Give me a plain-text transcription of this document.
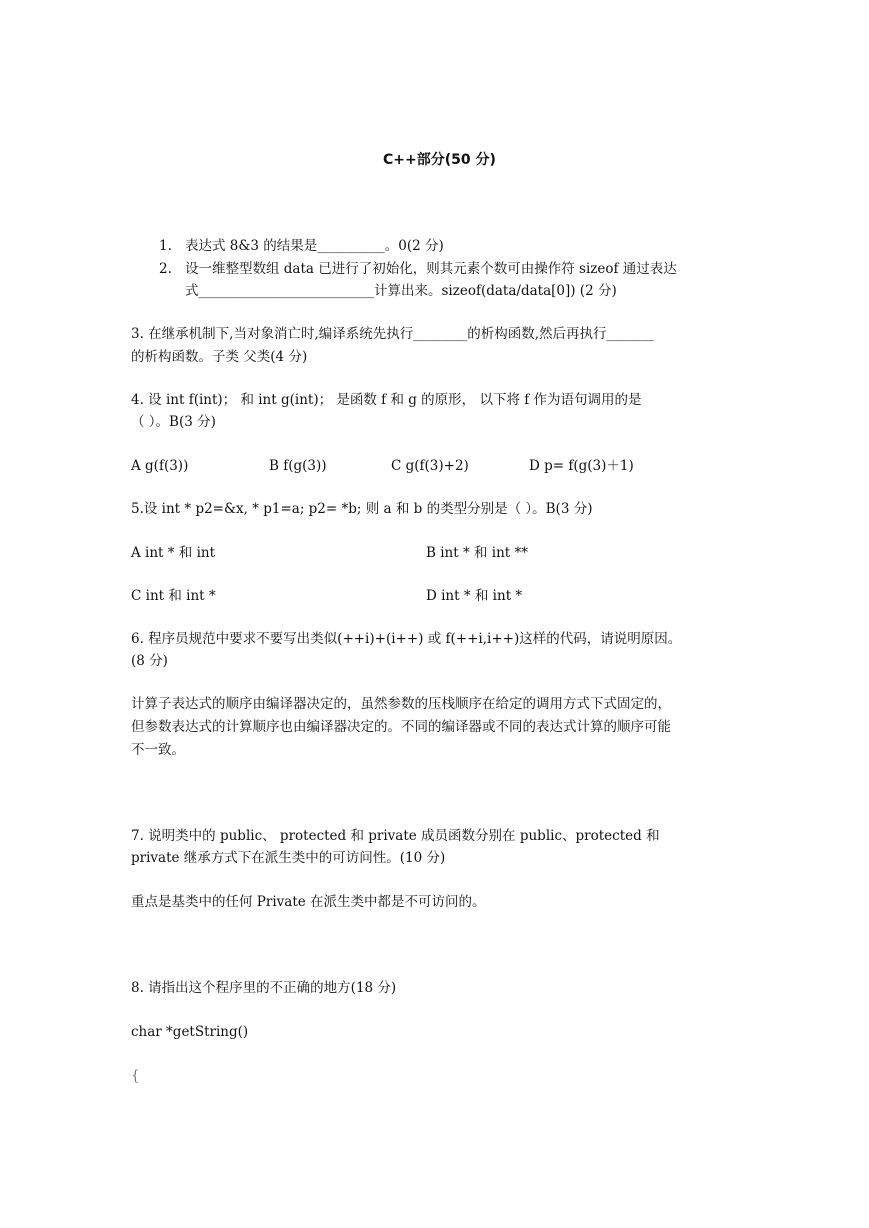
C++部分(50 分)
1. 表达式 8&3 的结果是__________。0(2 分)
2. 设一维整型数组 data 已进行了初始化，则其元素个数可由操作符 sizeof 通过表达
式__________________________计算出来。sizeof(data/data[0]) (2 分)
3. 在继承机制下,当对象消亡时,编译系统先执行________的析构函数,然后再执行_______
的析构函数。子类 父类(4 分)
4. 设 int f(int)； 和 int g(int)； 是函数 f 和 g 的原形， 以下将 f 作为语句调用的是
（ ）。B(3 分)
A g(f(3))	B f(g(3))	C g(f(3)+2)	D p= f(g(3)＋1)
5.设 int * p2=&x, * p1=a; p2= *b; 则 a 和 b 的类型分别是（ ）。B(3 分)
A int * 和 int	B int * 和 int **
C int 和 int *	D int * 和 int *
6. 程序员规范中要求不要写出类似(++i)+(i++) 或 f(++i,i++)这样的代码，请说明原因。
(8 分)
计算子表达式的顺序由编译器决定的，虽然参数的压栈顺序在给定的调用方式下式固定的，
但参数表达式的计算顺序也由编译器决定的。不同的编译器或不同的表达式计算的顺序可能
不一致。
7. 说明类中的 public、 protected 和 private 成员函数分别在 public、protected 和
private 继承方式下在派生类中的可访问性。(10 分)
重点是基类中的任何 Private 在派生类中都是不可访问的。
8. 请指出这个程序里的不正确的地方(18 分)
char *getString()
{
